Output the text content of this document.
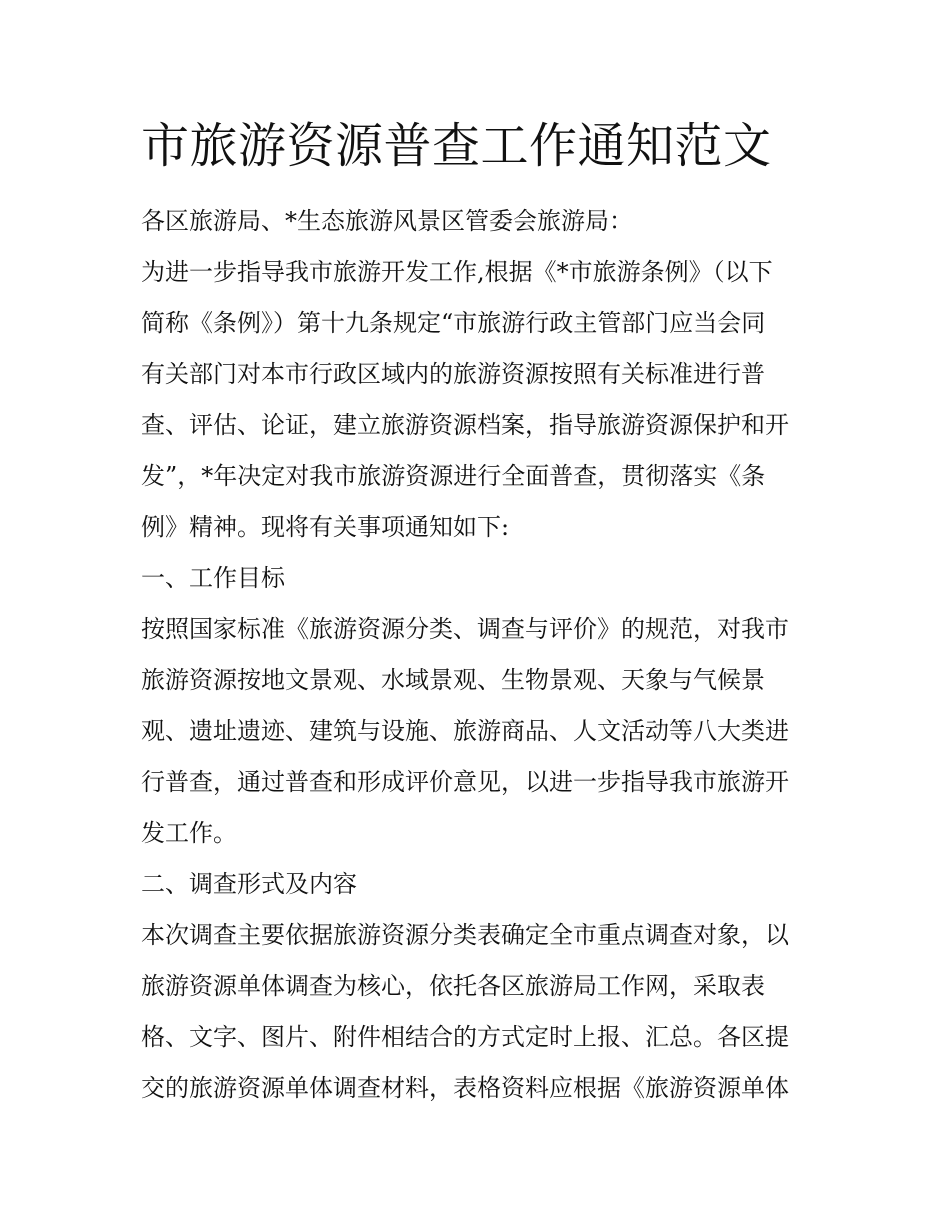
市旅游资源普查工作通知范文
各区旅游局、*生态旅游风景区管委会旅游局：
为进一步指导我市旅游开发工作,根据《*市旅游条例》（以下
简称《条例》）第十九条规定“市旅游行政主管部门应当会同
有关部门对本市行政区域内的旅游资源按照有关标准进行普
查、评估、论证，建立旅游资源档案，指导旅游资源保护和开
发”，*年决定对我市旅游资源进行全面普查，贯彻落实《条
例》精神。现将有关事项通知如下:
一、工作目标
按照国家标准《旅游资源分类、调查与评价》的规范，对我市
旅游资源按地文景观、水域景观、生物景观、天象与气候景
观、遗址遗迹、建筑与设施、旅游商品、人文活动等八大类进
行普查，通过普查和形成评价意见，以进一步指导我市旅游开
发工作。
二、调查形式及内容
本次调查主要依据旅游资源分类表确定全市重点调查对象，以
旅游资源单体调查为核心，依托各区旅游局工作网，采取表
格、文字、图片、附件相结合的方式定时上报、汇总。各区提
交的旅游资源单体调查材料，表格资料应根据《旅游资源单体
